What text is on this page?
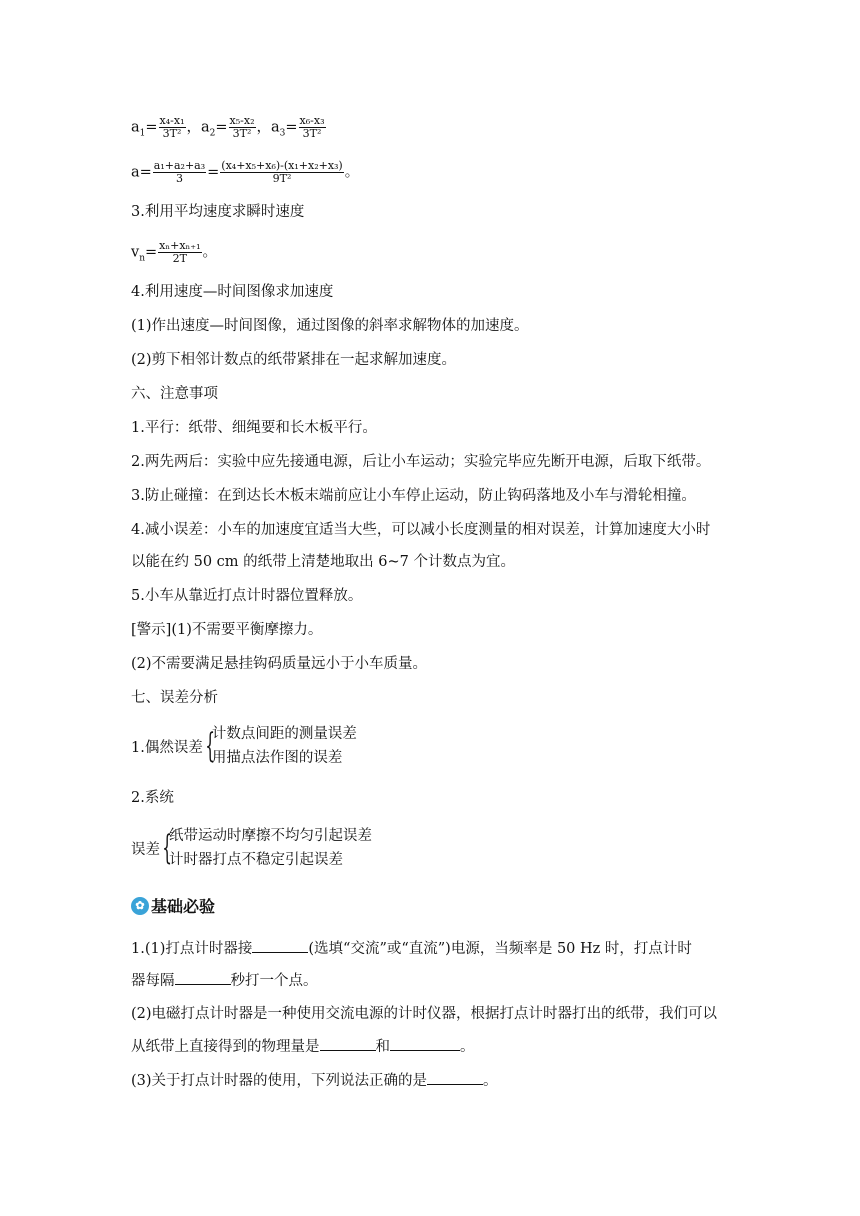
$a_1= \frac{\text{x₄-x₁}}{\text{3T²}}$ ，$a_2= \frac{\text{x₅-x₂}}{\text{3T²}}$ ，$a_3= \frac{\text{x₆-x₃}}{\text{3T²}}$
$a= \frac{\text{a₁+a₂+a₃}}{3} = \frac{\text{(x₄+x₅+x₆)-(x₁+x₂+x₃)}}{\text{9T²}}$ 。
3.利用平均速度求瞬时速度
$v_n= \frac{\text{xₙ+xₙ₊₁}}{2T}$ 。
4.利用速度—时间图像求加速度
(1)作出速度—时间图像，通过图像的斜率求解物体的加速度。
(2)剪下相邻计数点的纸带紧排在一起求解加速度。
六、注意事项
1.平行：纸带、细绳要和长木板平行。
2.两先两后：实验中应先接通电源，后让小车运动；实验完毕应先断开电源，后取下纸带。
3.防止碰撞：在到达长木板末端前应让小车停止运动，防止钩码落地及小车与滑轮相撞。
4.减小误差：小车的加速度宜适当大些，可以减小长度测量的相对误差，计算加速度大小时
以能在约 50 cm 的纸带上清楚地取出 6~7 个计数点为宜。
5.小车从靠近打点计时器位置释放。
[警示](1)不需要平衡摩擦力。
(2)不需要满足悬挂钩码质量远小于小车质量。
七、误差分析
1.偶然误差 {
计数点间距的测量误差
用描点法作图的误差
2.系统
误差 {
纸带运动时摩擦不均匀引起误差
计时器打点不稳定引起误差
✿ 基础必验
1.(1)打点计时器接	(选填“交流”或“直流”)电源，当频率是 50 Hz 时，打点计时
器每隔	秒打一个点。
(2)电磁打点计时器是一种使用交流电源的计时仪器，根据打点计时器打出的纸带，我们可以
从纸带上直接得到的物理量是	和	。
(3)关于打点计时器的使用，下列说法正确的是	。
